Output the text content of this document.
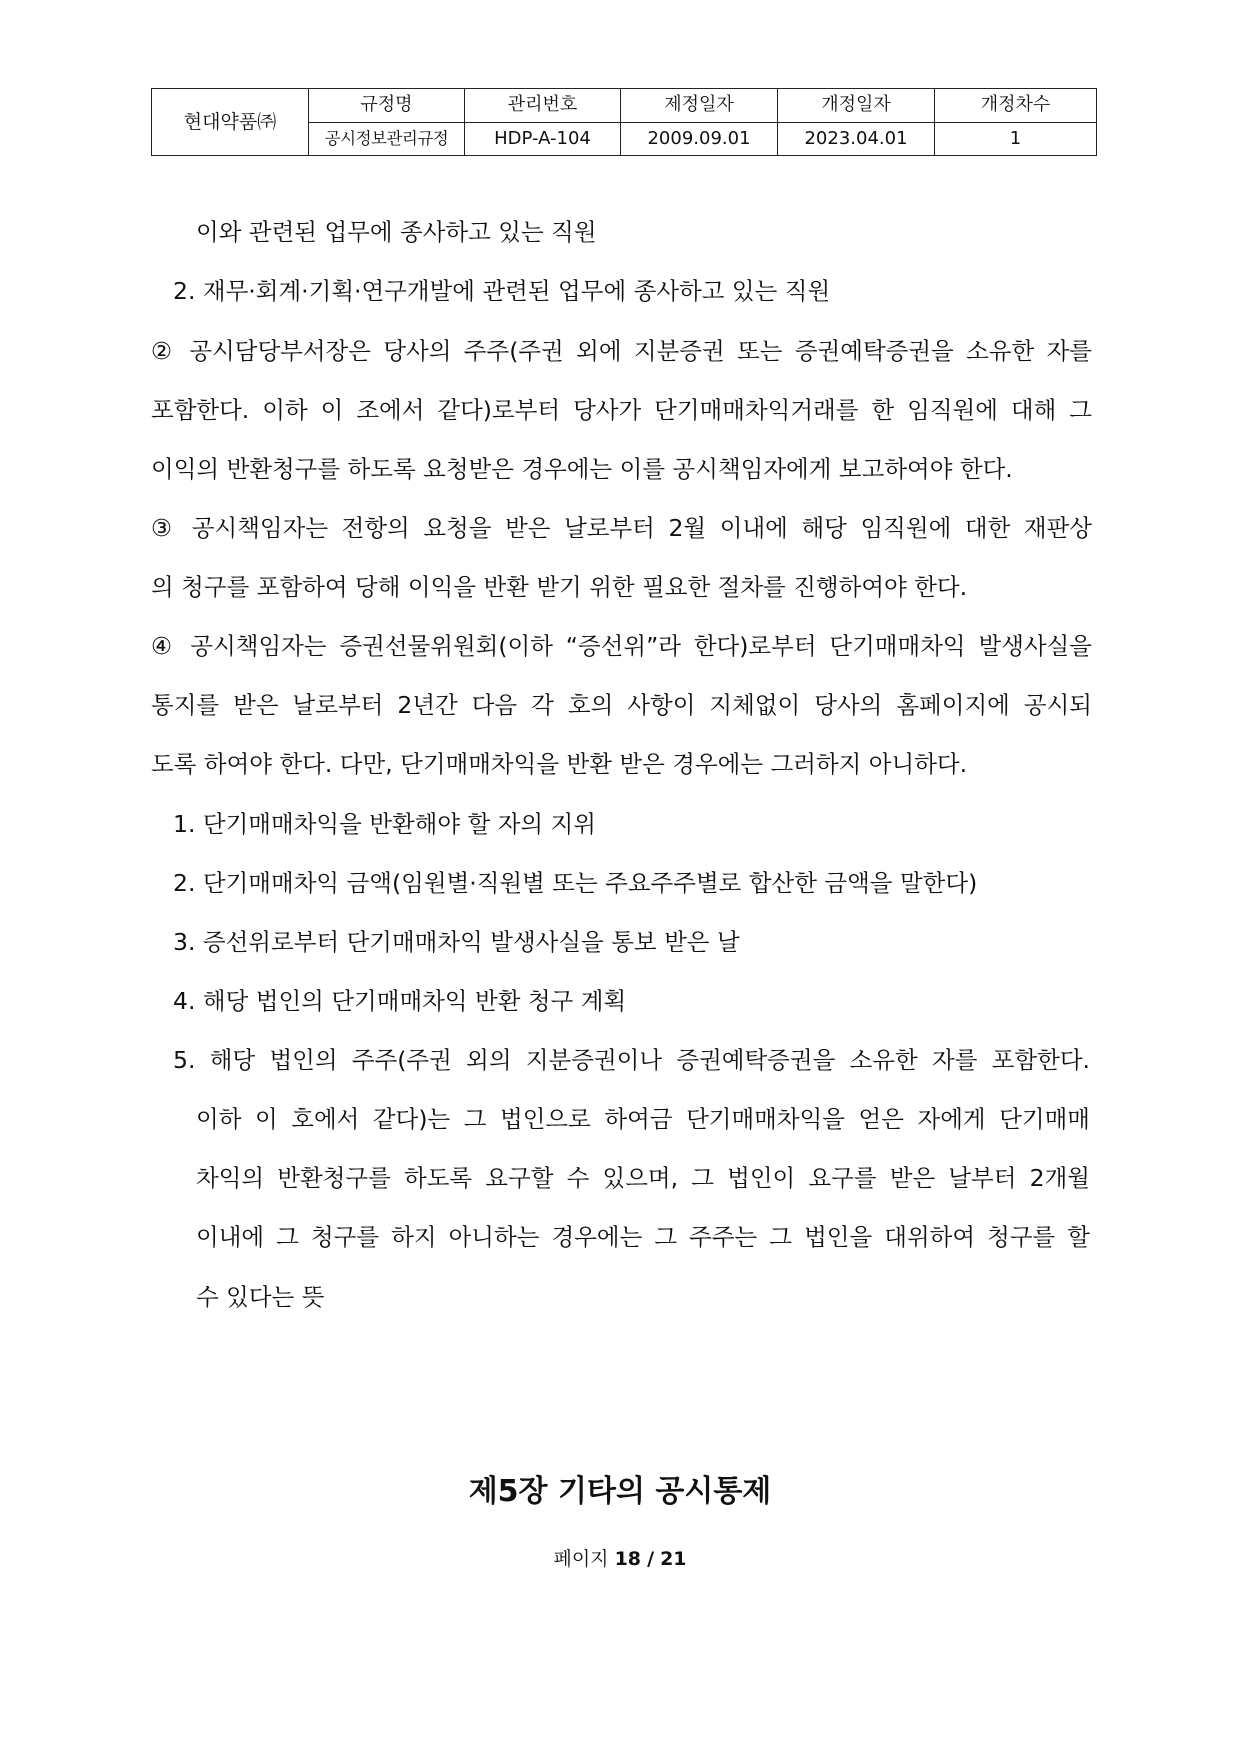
현대약품㈜	규정명	관리번호	제정일자	개정일자	개정차수
	공시정보관리규정	HDP-A-104	2009.09.01	2023.04.01	1
이와 관련된 업무에 종사하고 있는 직원
2. 재무·회계·기획·연구개발에 관련된 업무에 종사하고 있는 직원
② 공시담당부서장은 당사의 주주(주권 외에 지분증권 또는 증권예탁증권을 소유한 자를
포함한다. 이하 이 조에서 같다)로부터 당사가 단기매매차익거래를 한 임직원에 대해 그
이익의 반환청구를 하도록 요청받은 경우에는 이를 공시책임자에게 보고하여야 한다.
③ 공시책임자는 전항의 요청을 받은 날로부터 2월 이내에 해당 임직원에 대한 재판상
의 청구를 포함하여 당해 이익을 반환 받기 위한 필요한 절차를 진행하여야 한다.
④ 공시책임자는 증권선물위원회(이하 “증선위”라 한다)로부터 단기매매차익 발생사실을
통지를 받은 날로부터 2년간 다음 각 호의 사항이 지체없이 당사의 홈페이지에 공시되
도록 하여야 한다. 다만, 단기매매차익을 반환 받은 경우에는 그러하지 아니하다.
1. 단기매매차익을 반환해야 할 자의 지위
2. 단기매매차익 금액(임원별·직원별 또는 주요주주별로 합산한 금액을 말한다)
3. 증선위로부터 단기매매차익 발생사실을 통보 받은 날
4. 해당 법인의 단기매매차익 반환 청구 계획
5. 해당 법인의 주주(주권 외의 지분증권이나 증권예탁증권을 소유한 자를 포함한다.
이하 이 호에서 같다)는 그 법인으로 하여금 단기매매차익을 얻은 자에게 단기매매
차익의 반환청구를 하도록 요구할 수 있으며, 그 법인이 요구를 받은 날부터 2개월
이내에 그 청구를 하지 아니하는 경우에는 그 주주는 그 법인을 대위하여 청구를 할
수 있다는 뜻
제5장 기타의 공시통제
페이지 18 / 21
